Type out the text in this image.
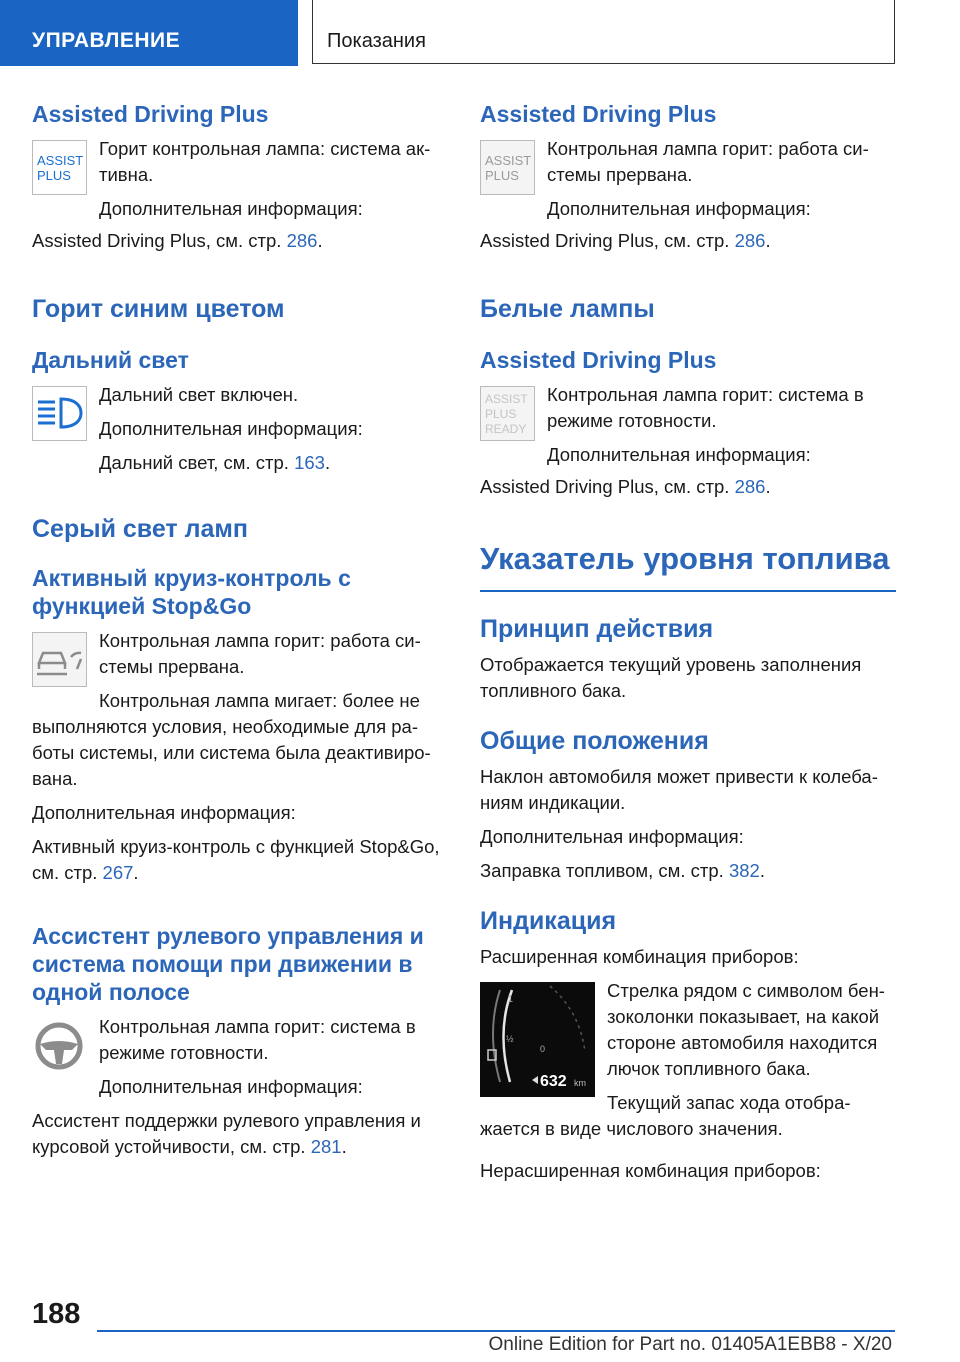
УПРАВЛЕНИЕ	Показания
Assisted Driving Plus
ASSIST
PLUS

Горит контрольная лампа: система ак-тивна.

Дополнительная информация:

Assisted Driving Plus, см. стр. 286.

Горит синим цветом
Дальний свет

Дальний свет включен.

Дополнительная информация:

Дальний свет, см. стр. 163.

Серый свет ламп
Активный круиз-контроль с функцией Stop&Go

Контрольная лампа горит: работа си-стемы прервана.

Контрольная лампа мигает: более не

выполняются условия, необходимые для ра-боты системы, или система была деактивиро-вана.

Дополнительная информация:

Активный круиз-контроль с функцией Stop&Go, см. стр. 267.

Ассистент рулевого управления и система помощи при движении в одной полосе

Контрольная лампа горит: система в режиме готовности.

Дополнительная информация:

Ассистент поддержки рулевого управления и курсовой устойчивости, см. стр. 281.

Assisted Driving Plus
ASSIST
PLUS

Контрольная лампа горит: работа си-стемы прервана.

Дополнительная информация:

Assisted Driving Plus, см. стр. 286.

Белые лампы
Assisted Driving Plus
ASSIST
PLUS
READY

Контрольная лампа горит: система в режиме готовности.

Дополнительная информация:

Assisted Driving Plus, см. стр. 286.

Указатель уровня топлива
Принцип действия

Отображается текущий уровень заполнения топливного бака.

Общие положения

Наклон автомобиля может привести к колеба-ниям индикации.

Дополнительная информация:

Заправка топливом, см. стр. 382.

Индикация

Расширенная комбинация приборов:

1
½
0
632 km

Стрелка рядом с символом бен-зоколонки показывает, на какой стороне автомобиля находится лючок топливного бака.

Текущий запас хода отобра-

жается в виде числового значения.

Нерасширенная комбинация приборов:

188
Online Edition for Part no. 01405A1EBB8 - X/20
